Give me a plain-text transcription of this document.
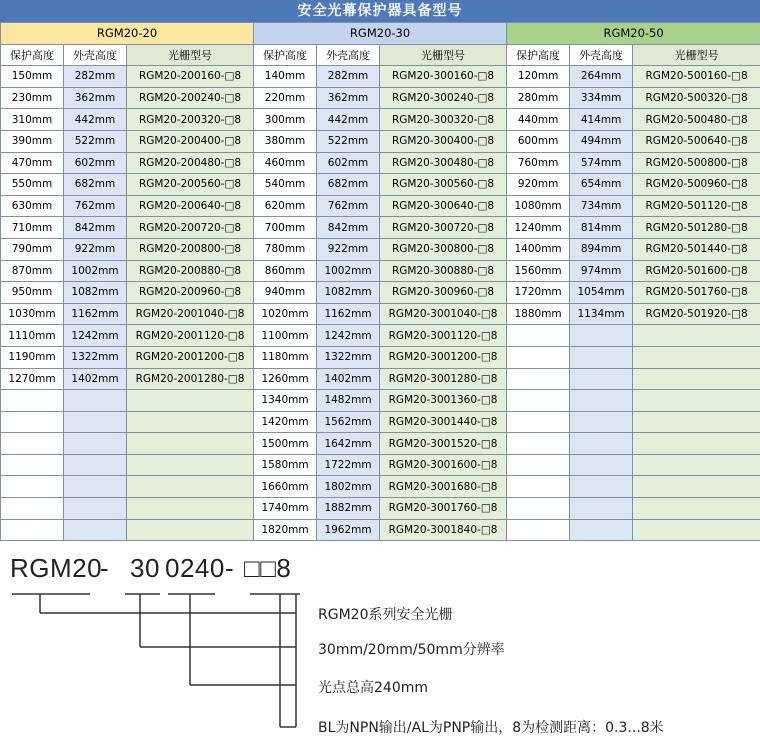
安全光幕保护器具备型号
RGM20-20			RGM20-30			RGM20-50		
保护高度	外壳高度	光栅型号	保护高度	外壳高度	光栅型号	保护高度	外壳高度	光栅型号
150mm	282mm	RGM20-200160-□8	140mm	282mm	RGM20-300160-□8	120mm	264mm	RGM20-500160-□8
230mm	362mm	RGM20-200240-□8	220mm	362mm	RGM20-300240-□8	280mm	334mm	RGM20-500320-□8
310mm	442mm	RGM20-200320-□8	300mm	442mm	RGM20-300320-□8	440mm	414mm	RGM20-500480-□8
390mm	522mm	RGM20-200400-□8	380mm	522mm	RGM20-300400-□8	600mm	494mm	RGM20-500640-□8
470mm	602mm	RGM20-200480-□8	460mm	602mm	RGM20-300480-□8	760mm	574mm	RGM20-500800-□8
550mm	682mm	RGM20-200560-□8	540mm	682mm	RGM20-300560-□8	920mm	654mm	RGM20-500960-□8
630mm	762mm	RGM20-200640-□8	620mm	762mm	RGM20-300640-□8	1080mm	734mm	RGM20-501120-□8
710mm	842mm	RGM20-200720-□8	700mm	842mm	RGM20-300720-□8	1240mm	814mm	RGM20-501280-□8
790mm	922mm	RGM20-200800-□8	780mm	922mm	RGM20-300800-□8	1400mm	894mm	RGM20-501440-□8
870mm	1002mm	RGM20-200880-□8	860mm	1002mm	RGM20-300880-□8	1560mm	974mm	RGM20-501600-□8
950mm	1082mm	RGM20-200960-□8	940mm	1082mm	RGM20-300960-□8	1720mm	1054mm	RGM20-501760-□8
1030mm	1162mm	RGM20-2001040-□8	1020mm	1162mm	RGM20-3001040-□8	1880mm	1134mm	RGM20-501920-□8
1110mm	1242mm	RGM20-2001120-□8	1100mm	1242mm	RGM20-3001120-□8			
1190mm	1322mm	RGM20-2001200-□8	1180mm	1322mm	RGM20-3001200-□8			
1270mm	1402mm	RGM20-2001280-□8	1260mm	1402mm	RGM20-3001280-□8			
			1340mm	1482mm	RGM20-3001360-□8			
			1420mm	1562mm	RGM20-3001440-□8			
			1500mm	1642mm	RGM20-3001520-□8			
			1580mm	1722mm	RGM20-3001600-□8			
			1660mm	1802mm	RGM20-3001680-□8			
			1740mm	1882mm	RGM20-3001760-□8			
			1820mm	1962mm	RGM20-3001840-□8			
RGM20
- 30 0240 - □□8
RGM20系列安全光栅
30mm/20mm/50mm分辨率
光点总高240mm
BL为NPN输出/AL为PNP输出，8为检测距离：0.3...8米
